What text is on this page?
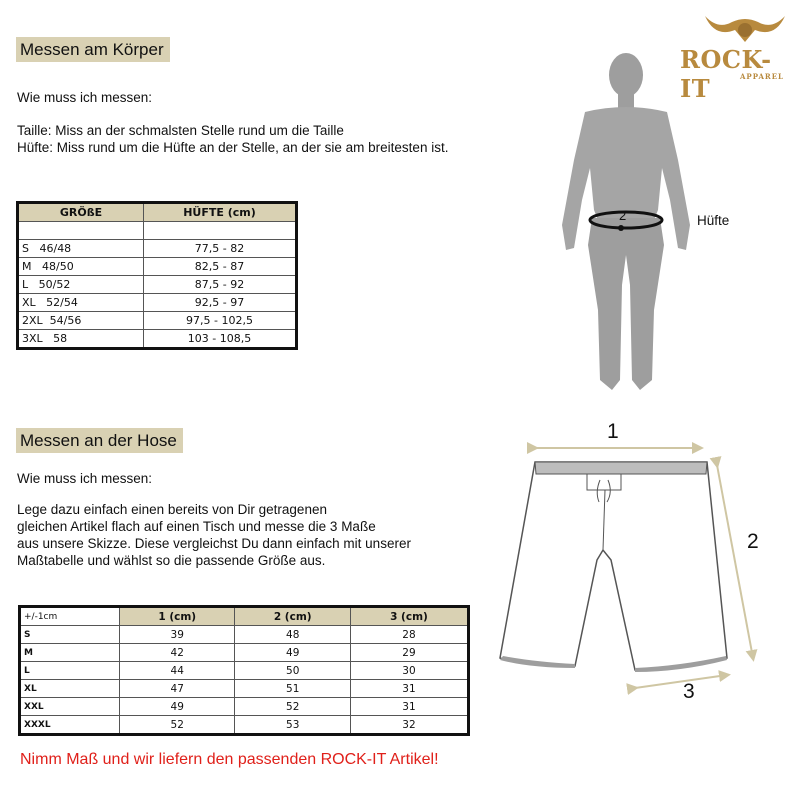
ROCK-IT	APPAREL
Messen am Körper
Wie muss ich messen:
Taille: Miss an der schmalsten Stelle rund um die Taille
Hüfte: Miss rund um die Hüfte an der Stelle, an der sie am breitesten ist.
GRÖßE	HÜFTE (cm)

S 46/48	77,5 - 82
M 48/50	82,5 - 87
L 50/52	87,5 - 92
XL 52/54	92,5 - 97
2XL 54/56	97,5 - 102,5
3XL 58	103 - 108,5
2	Hüfte
Messen an der Hose
Wie muss ich messen:
Lege dazu einfach einen bereits von Dir getragenen
gleichen Artikel flach auf einen Tisch und messe die 3 Maße
aus unsere Skizze. Diese vergleichst Du dann einfach mit unserer
Maßtabelle und wählst so die passende Größe aus.
+/-1cm	1 (cm)	2 (cm)	3 (cm)
S	39	48	28
M	42	49	29
L	44	50	30
XL	47	51	31
XXL	49	52	31
XXXL	52	53	32
1
2
3
Nimm Maß und wir liefern den passenden ROCK-IT Artikel!
